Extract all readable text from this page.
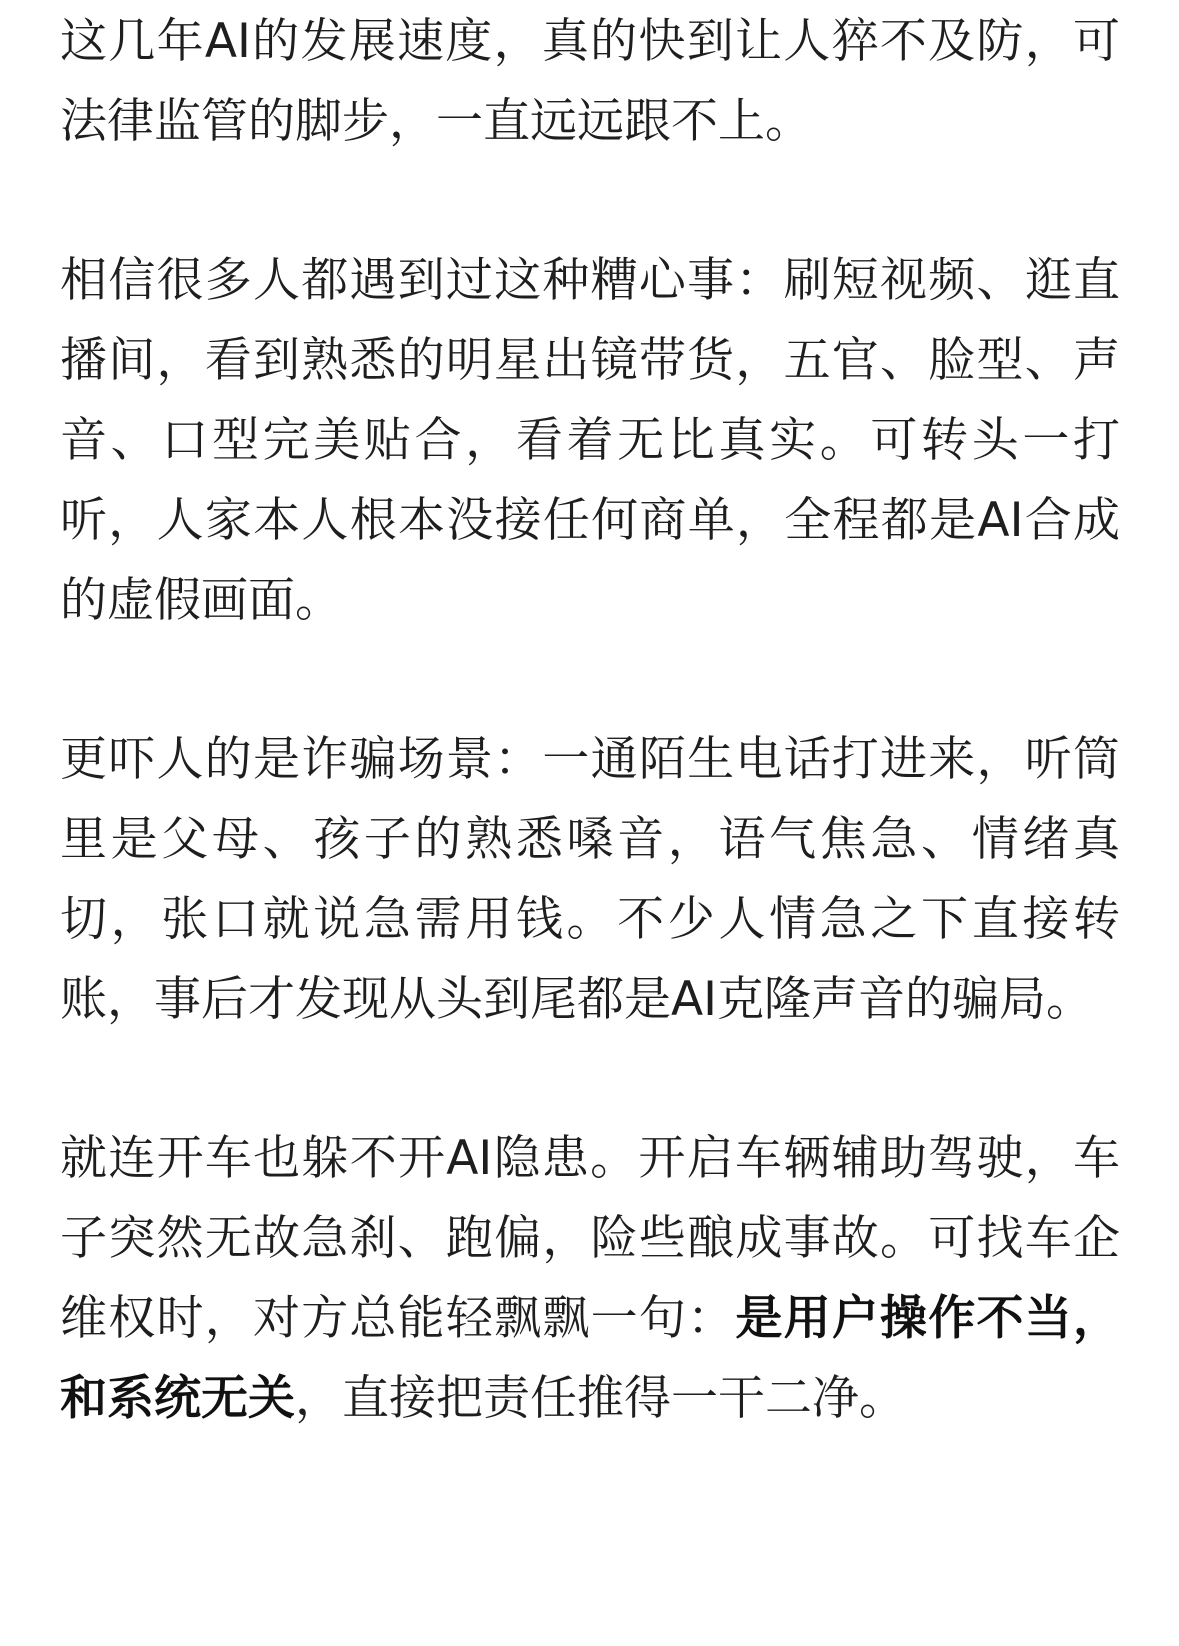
这几年AI的发展速度，真的快到让人猝不及防，可法律监管的脚步，一直远远跟不上。

相信很多人都遇到过这种糟心事：刷短视频、逛直播间，看到熟悉的明星出镜带货，五官、脸型、声音、口型完美贴合，看着无比真实。可转头一打听，人家本人根本没接任何商单，全程都是AI合成的虚假画面。

更吓人的是诈骗场景：一通陌生电话打进来，听筒里是父母、孩子的熟悉嗓音，语气焦急、情绪真切，张口就说急需用钱。不少人情急之下直接转账，事后才发现从头到尾都是AI克隆声音的骗局。

就连开车也躲不开AI隐患。开启车辆辅助驾驶，车子突然无故急刹、跑偏，险些酿成事故。可找车企维权时，对方总能轻飘飘一句：是用户操作不当，和系统无关，直接把责任推得一干二净。
